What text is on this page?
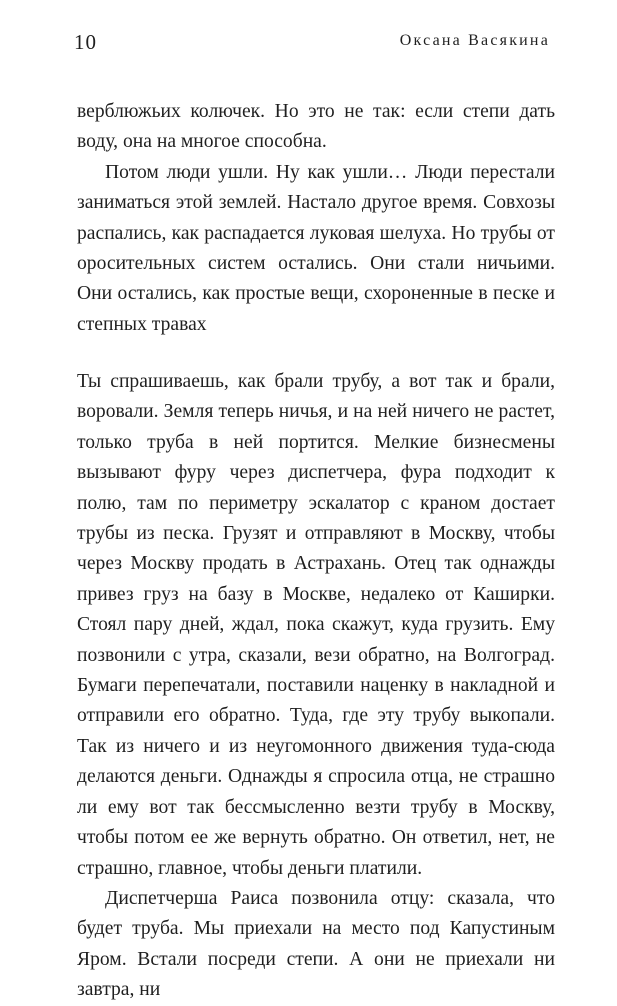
10	Оксана Васякина

верблюжьих колючек. Но это не так: если степи дать воду, она на многое способна.

Потом люди ушли. Ну как ушли… Люди перестали заниматься этой землей. Настало другое время. Совхозы распались, как распадается луковая шелуха. Но трубы от оросительных систем остались. Они стали ничьими. Они остались, как простые вещи, схороненные в песке и степных травах

Ты спрашиваешь, как брали трубу, а вот так и брали, воровали. Земля теперь ничья, и на ней ничего не растет, только труба в ней портится. Мелкие бизнесмены вызывают фуру через диспетчера, фура подходит к полю, там по периметру эскалатор с краном достает трубы из песка. Грузят и отправляют в Москву, чтобы через Москву продать в Астрахань. Отец так однажды привез груз на базу в Москве, недалеко от Каширки. Стоял пару дней, ждал, пока скажут, куда грузить. Ему позвонили с утра, сказали, вези обратно, на Волгоград. Бумаги перепечатали, поставили наценку в накладной и отправили его обратно. Туда, где эту трубу выкопали. Так из ничего и из неугомонного движения туда-сюда делаются деньги. Однажды я спросила отца, не страшно ли ему вот так бессмысленно везти трубу в Москву, чтобы потом ее же вернуть обратно. Он ответил, нет, не страшно, главное, чтобы деньги платили.

Диспетчерша Раиса позвонила отцу: сказала, что будет труба. Мы приехали на место под Капустиным Яром. Встали посреди степи. А они не приехали ни завтра, ни
